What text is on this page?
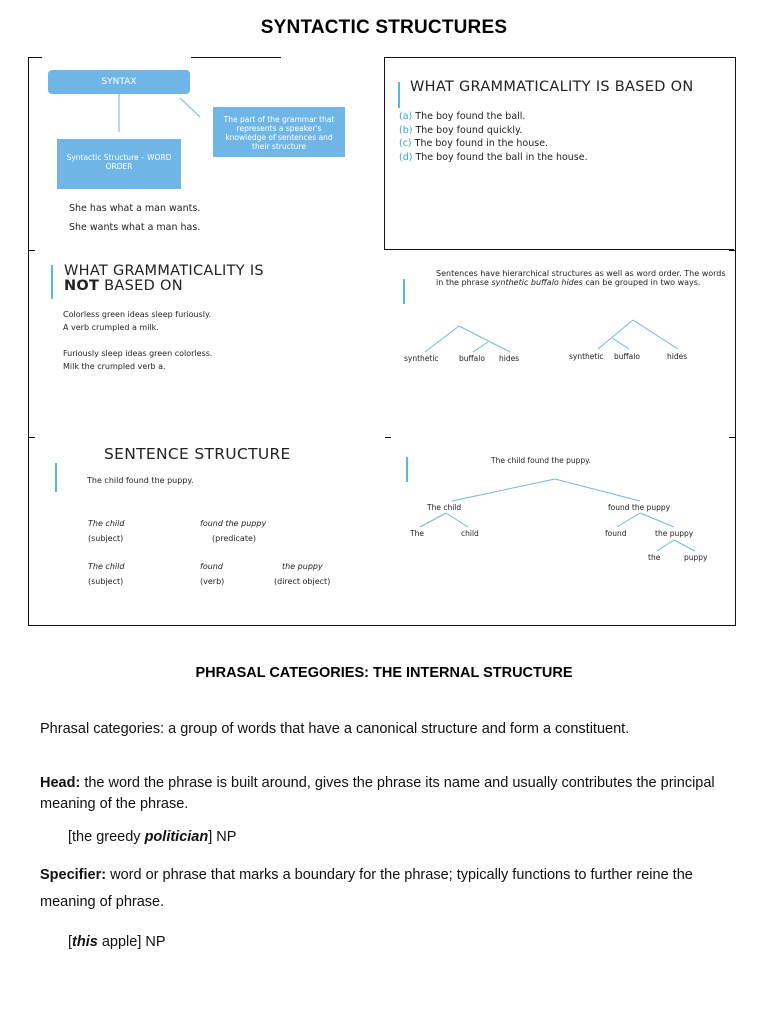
SYNTACTIC STRUCTURES
SYNTAX
The part of the grammar that represents a speaker's knowledge of sentences and their structure
Syntactic Structure – WORD ORDER
She has what a man wants.
She wants what a man has.
WHAT GRAMMATICALITY IS BASED ON
(a) The boy found the ball.
(b) The boy found quickly.
(c) The boy found in the house.
(d) The boy found the ball in the house.
WHAT GRAMMATICALITY IS
NOT BASED ON
Colorless green ideas sleep furiously.
A verb crumpled a milk.
Furiously sleep ideas green colorless.
Milk the crumpled verb a.
Sentences have hierarchical structures as well as word order. The words in the phrase synthetic buffalo hides can be grouped in two ways.
synthetic	buffalo hides	synthetic buffalo	hides
SENTENCE STRUCTURE
The child found the puppy.
The child	found the puppy
(subject)	(predicate)
The child	found	the puppy
(subject)	(verb)	(direct object)
The child found the puppy.
The child	found the puppy
The	child	found	the puppy
the	puppy
PHRASAL CATEGORIES: THE INTERNAL STRUCTURE
Phrasal categories: a group of words that have a canonical structure and form a constituent.
Head: the word the phrase is built around, gives the phrase its name and usually contributes the principal meaning of the phrase.
[the greedy politician] NP
Specifier: word or phrase that marks a boundary for the phrase; typically functions to further reine the meaning of phrase.
[this apple] NP
